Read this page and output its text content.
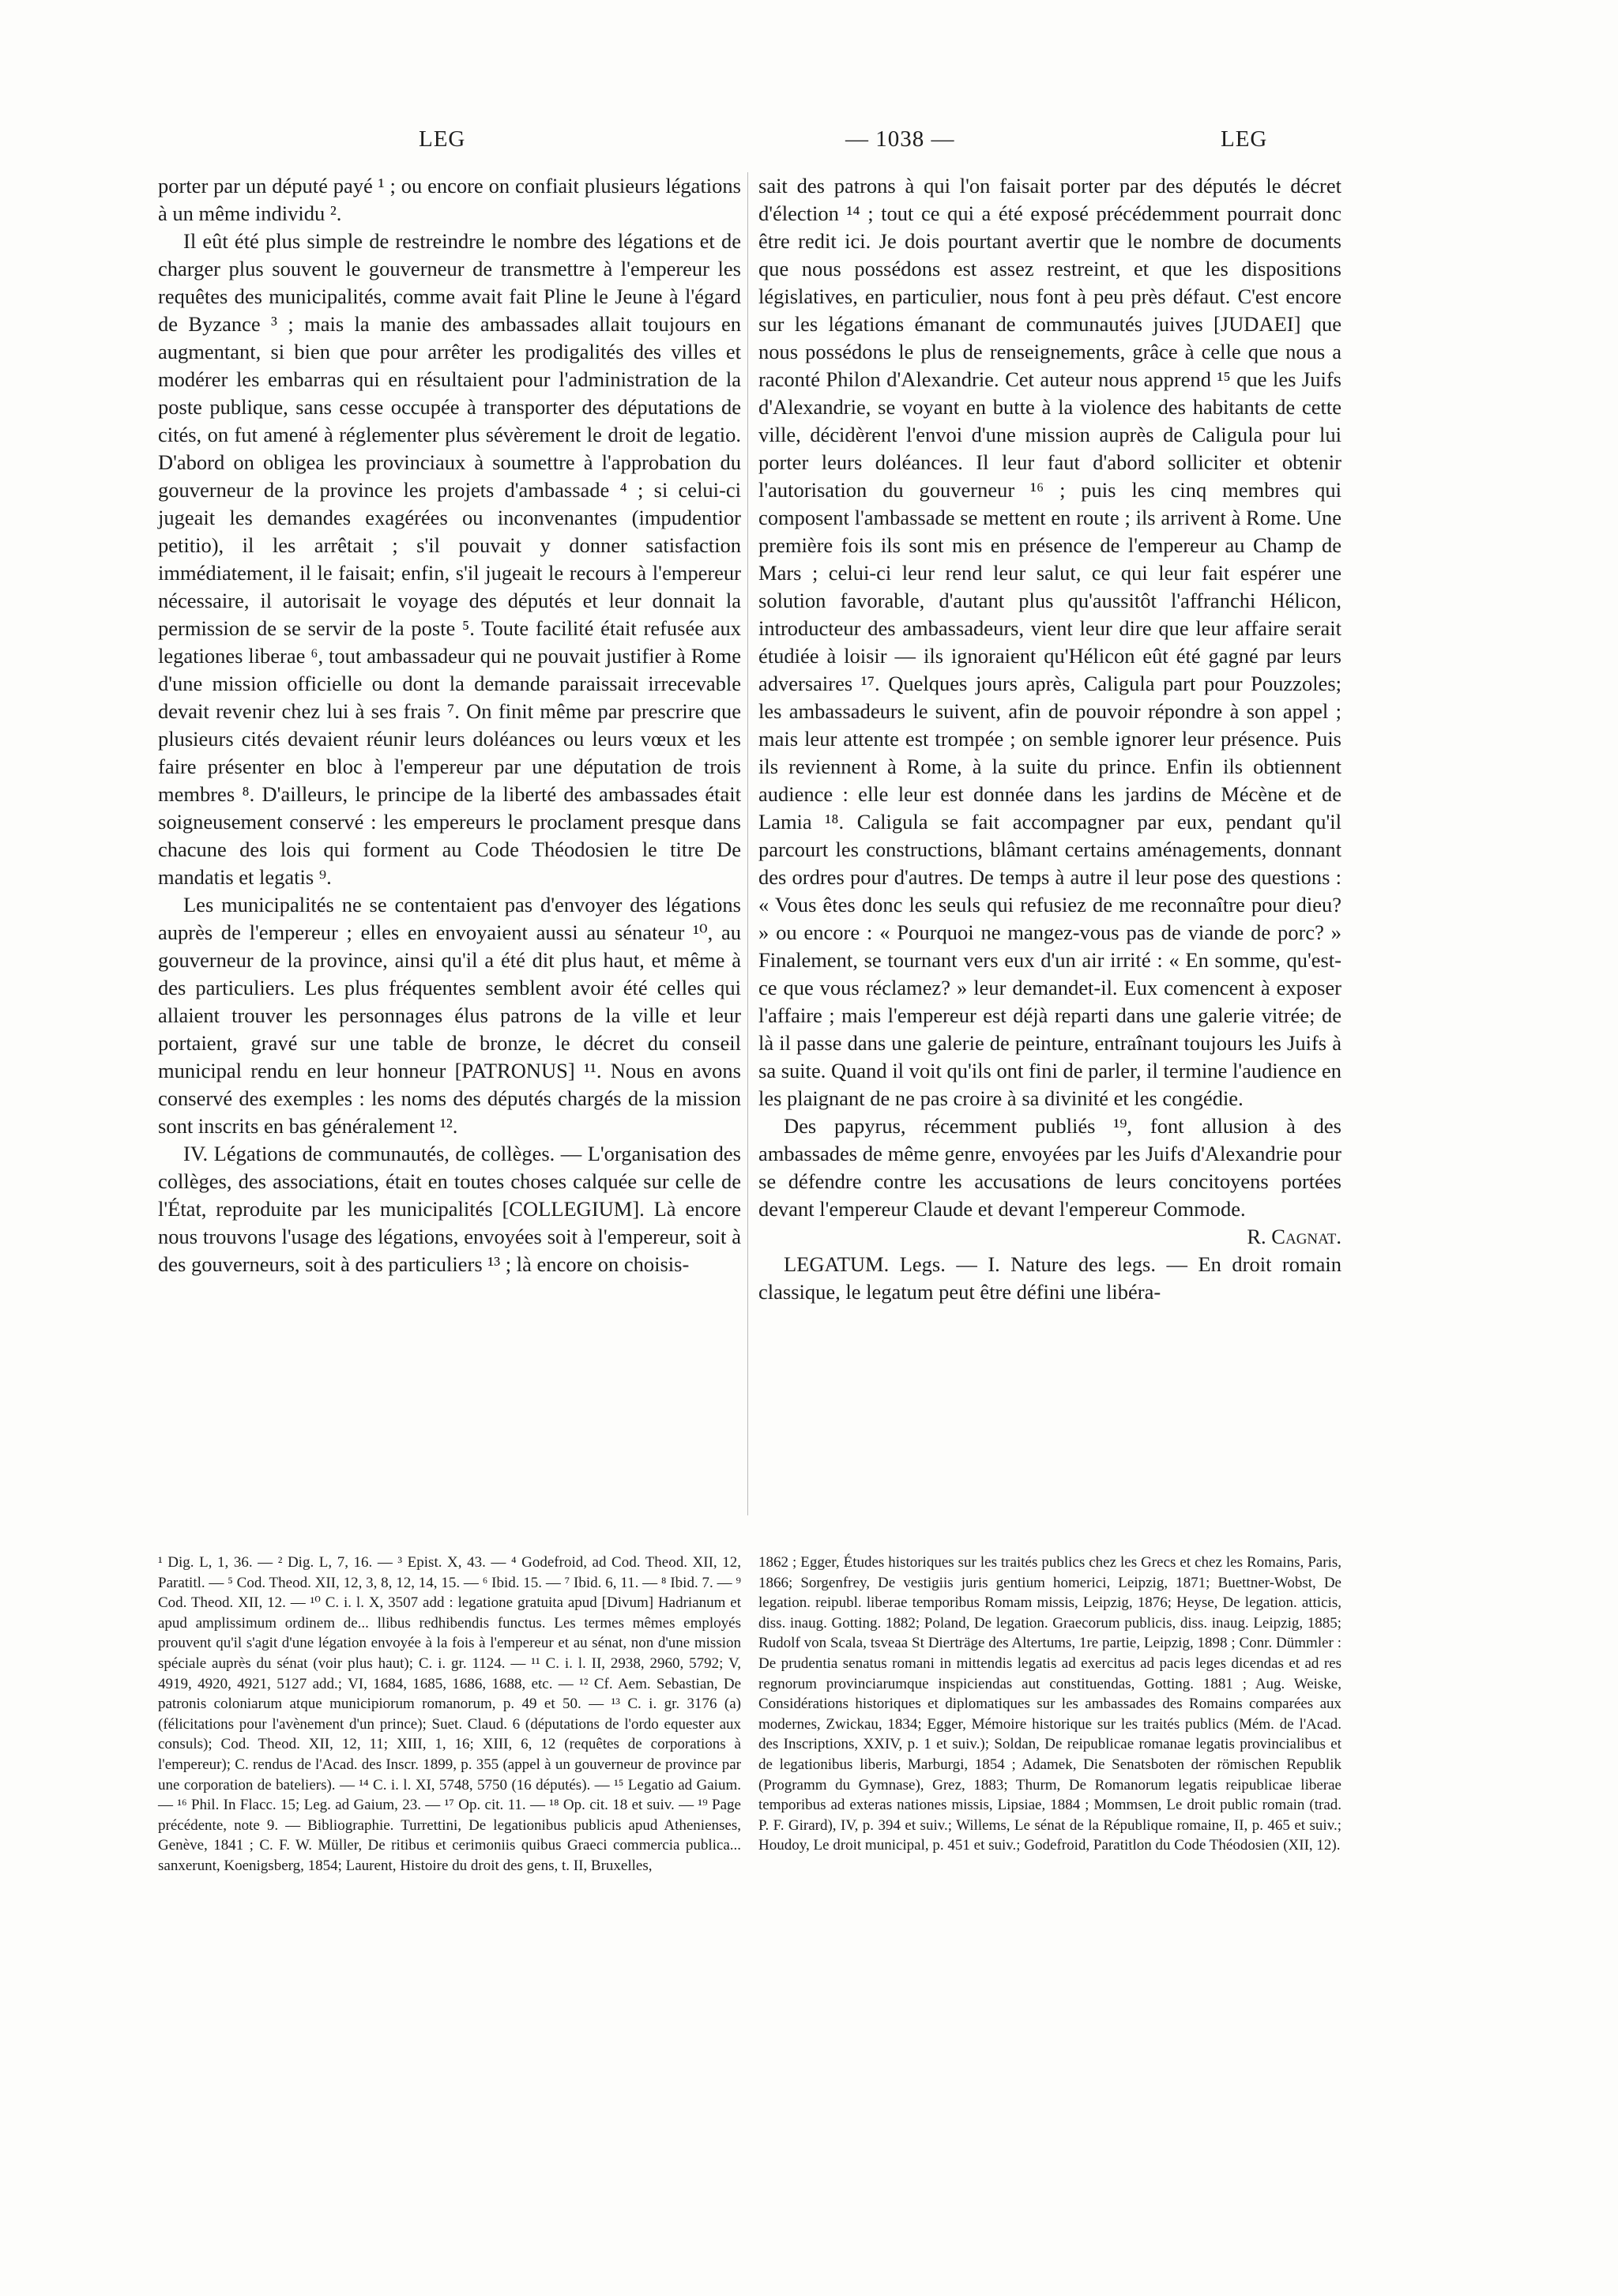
LEG	— 1038 —	LEG

porter par un député payé ¹ ; ou encore on confiait plusieurs légations à un même individu ².

Il eût été plus simple de restreindre le nombre des légations et de charger plus souvent le gouverneur de transmettre à l'empereur les requêtes des municipalités, comme avait fait Pline le Jeune à l'égard de Byzance ³ ; mais la manie des ambassades allait toujours en augmentant, si bien que pour arrêter les prodigalités des villes et modérer les embarras qui en résultaient pour l'administration de la poste publique, sans cesse occupée à transporter des députations de cités, on fut amené à réglementer plus sévèrement le droit de legatio. D'abord on obligea les provinciaux à soumettre à l'approbation du gouverneur de la province les projets d'ambassade ⁴ ; si celui-ci jugeait les demandes exagérées ou inconvenantes (impudentior petitio), il les arrêtait ; s'il pouvait y donner satisfaction immédiatement, il le faisait; enfin, s'il jugeait le recours à l'empereur nécessaire, il autorisait le voyage des députés et leur donnait la permission de se servir de la poste ⁵. Toute facilité était refusée aux legationes liberae ⁶, tout ambassadeur qui ne pouvait justifier à Rome d'une mission officielle ou dont la demande paraissait irrecevable devait revenir chez lui à ses frais ⁷. On finit même par prescrire que plusieurs cités devaient réunir leurs doléances ou leurs vœux et les faire présenter en bloc à l'empereur par une députation de trois membres ⁸. D'ailleurs, le principe de la liberté des ambassades était soigneusement conservé : les empereurs le proclament presque dans chacune des lois qui forment au Code Théodosien le titre De mandatis et legatis ⁹.

Les municipalités ne se contentaient pas d'envoyer des légations auprès de l'empereur ; elles en envoyaient aussi au sénateur ¹⁰, au gouverneur de la province, ainsi qu'il a été dit plus haut, et même à des particuliers. Les plus fréquentes semblent avoir été celles qui allaient trouver les personnages élus patrons de la ville et leur portaient, gravé sur une table de bronze, le décret du conseil municipal rendu en leur honneur [PATRONUS] ¹¹. Nous en avons conservé des exemples : les noms des députés chargés de la mission sont inscrits en bas généralement ¹².

IV. Légations de communautés, de collèges. — L'organisation des collèges, des associations, était en toutes choses calquée sur celle de l'État, reproduite par les municipalités [COLLEGIUM]. Là encore nous trouvons l'usage des légations, envoyées soit à l'empereur, soit à des gouverneurs, soit à des particuliers ¹³ ; là encore on choisis-

sait des patrons à qui l'on faisait porter par des députés le décret d'élection ¹⁴ ; tout ce qui a été exposé précédemment pourrait donc être redit ici. Je dois pourtant avertir que le nombre de documents que nous possédons est assez restreint, et que les dispositions législatives, en particulier, nous font à peu près défaut. C'est encore sur les légations émanant de communautés juives [JUDAEI] que nous possédons le plus de renseignements, grâce à celle que nous a raconté Philon d'Alexandrie. Cet auteur nous apprend ¹⁵ que les Juifs d'Alexandrie, se voyant en butte à la violence des habitants de cette ville, décidèrent l'envoi d'une mission auprès de Caligula pour lui porter leurs doléances. Il leur faut d'abord solliciter et obtenir l'autorisation du gouverneur ¹⁶ ; puis les cinq membres qui composent l'ambassade se mettent en route ; ils arrivent à Rome. Une première fois ils sont mis en présence de l'empereur au Champ de Mars ; celui-ci leur rend leur salut, ce qui leur fait espérer une solution favorable, d'autant plus qu'aussitôt l'affranchi Hélicon, introducteur des ambassadeurs, vient leur dire que leur affaire serait étudiée à loisir — ils ignoraient qu'Hélicon eût été gagné par leurs adversaires ¹⁷. Quelques jours après, Caligula part pour Pouzzoles; les ambassadeurs le suivent, afin de pouvoir répondre à son appel ; mais leur attente est trompée ; on semble ignorer leur présence. Puis ils reviennent à Rome, à la suite du prince. Enfin ils obtiennent audience : elle leur est donnée dans les jardins de Mécène et de Lamia ¹⁸. Caligula se fait accompagner par eux, pendant qu'il parcourt les constructions, blâmant certains aménagements, donnant des ordres pour d'autres. De temps à autre il leur pose des questions : « Vous êtes donc les seuls qui refusiez de me reconnaître pour dieu? » ou encore : « Pourquoi ne mangez-vous pas de viande de porc? » Finalement, se tournant vers eux d'un air irrité : « En somme, qu'est-ce que vous réclamez? » leur demandet-il. Eux comencent à exposer l'affaire ; mais l'empereur est déjà reparti dans une galerie vitrée; de là il passe dans une galerie de peinture, entraînant toujours les Juifs à sa suite. Quand il voit qu'ils ont fini de parler, il termine l'audience en les plaignant de ne pas croire à sa divinité et les congédie.

Des papyrus, récemment publiés ¹⁹, font allusion à des ambassades de même genre, envoyées par les Juifs d'Alexandrie pour se défendre contre les accusations de leurs concitoyens portées devant l'empereur Claude et devant l'empereur Commode.

R. Cagnat.

LEGATUM. Legs. — I. Nature des legs. — En droit romain classique, le legatum peut être défini une libéra-

¹ Dig. L, 1, 36. — ² Dig. L, 7, 16. — ³ Epist. X, 43. — ⁴ Godefroid, ad Cod. Theod. XII, 12, Paratitl. — ⁵ Cod. Theod. XII, 12, 3, 8, 12, 14, 15. — ⁶ Ibid. 15. — ⁷ Ibid. 6, 11. — ⁸ Ibid. 7. — ⁹ Cod. Theod. XII, 12. — ¹⁰ C. i. l. X, 3507 add : legatione gratuita apud [Divum] Hadrianum et apud amplissimum ordinem de... llibus redhibendis functus. Les termes mêmes employés prouvent qu'il s'agit d'une légation envoyée à la fois à l'empereur et au sénat, non d'une mission spéciale auprès du sénat (voir plus haut); C. i. gr. 1124. — ¹¹ C. i. l. II, 2938, 2960, 5792; V, 4919, 4920, 4921, 5127 add.; VI, 1684, 1685, 1686, 1688, etc. — ¹² Cf. Aem. Sebastian, De patronis coloniarum atque municipiorum romanorum, p. 49 et 50. — ¹³ C. i. gr. 3176 (a) (félicitations pour l'avènement d'un prince); Suet. Claud. 6 (députations de l'ordo equester aux consuls); Cod. Theod. XII, 12, 11; XIII, 1, 16; XIII, 6, 12 (requêtes de corporations à l'empereur); C. rendus de l'Acad. des Inscr. 1899, p. 355 (appel à un gouverneur de province par une corporation de bateliers). — ¹⁴ C. i. l. XI, 5748, 5750 (16 députés). — ¹⁵ Legatio ad Gaium. — ¹⁶ Phil. In Flacc. 15; Leg. ad Gaium, 23. — ¹⁷ Op. cit. 11. — ¹⁸ Op. cit. 18 et suiv. — ¹⁹ Page précédente, note 9. — Bibliographie. Turrettini, De legationibus publicis apud Athenienses, Genève, 1841 ; C. F. W. Müller, De ritibus et cerimoniis quibus Graeci commercia publica... sanxerunt, Koenigsberg, 1854; Laurent, Histoire du droit des gens, t. II, Bruxelles,
1862 ; Egger, Études historiques sur les traités publics chez les Grecs et chez les Romains, Paris, 1866; Sorgenfrey, De vestigiis juris gentium homerici, Leipzig, 1871; Buettner-Wobst, De legation. reipubl. liberae temporibus Romam missis, Leipzig, 1876; Heyse, De legation. atticis, diss. inaug. Gotting. 1882; Poland, De legation. Graecorum publicis, diss. inaug. Leipzig, 1885; Rudolf von Scala, tsveaa St Dierträge des Altertums, 1re partie, Leipzig, 1898 ; Conr. Dümmler : De prudentia senatus romani in mittendis legatis ad exercitus ad pacis leges dicendas et ad res regnorum provinciarumque inspiciendas aut constituendas, Gotting. 1881 ; Aug. Weiske, Considérations historiques et diplomatiques sur les ambassades des Romains comparées aux modernes, Zwickau, 1834; Egger, Mémoire historique sur les traités publics (Mém. de l'Acad. des Inscriptions, XXIV, p. 1 et suiv.); Soldan, De reipublicae romanae legatis provincialibus et de legationibus liberis, Marburgi, 1854 ; Adamek, Die Senatsboten der römischen Republik (Programm du Gymnase), Grez, 1883; Thurm, De Romanorum legatis reipublicae liberae temporibus ad exteras nationes missis, Lipsiae, 1884 ; Mommsen, Le droit public romain (trad. P. F. Girard), IV, p. 394 et suiv.; Willems, Le sénat de la République romaine, II, p. 465 et suiv.; Houdoy, Le droit municipal, p. 451 et suiv.; Godefroid, Paratitlon du Code Théodosien (XII, 12).
